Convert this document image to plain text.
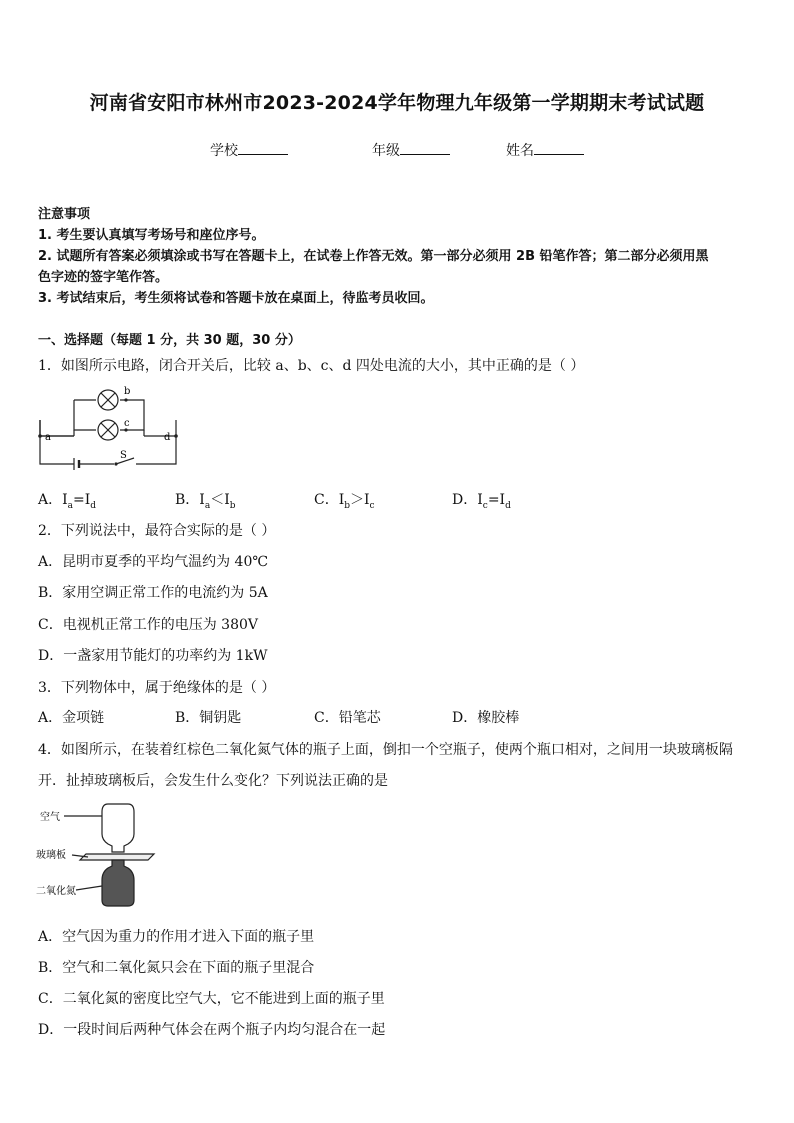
河南省安阳市林州市2023-2024学年物理九年级第一学期期末考试试题
学校	年级	姓名
注意事项
1. 考生要认真填写考场号和座位序号。
2. 试题所有答案必须填涂或书写在答题卡上，在试卷上作答无效。第一部分必须用 2B 铅笔作答；第二部分必须用黑
色字迹的签字笔作答。
3. 考试结束后，考生须将试卷和答题卡放在桌面上，待监考员收回。
一、选择题（每题 1 分，共 30 题，30 分）
1．如图所示电路，闭合开关后，比较 a、b、c、d 四处电流的大小，其中正确的是（ ）
a
b
c
d
S
A．$I_a=I_d$	B．$I_a<I_b$	C．$I_b>I_c$	D．$I_c=I_d$
2．下列说法中，最符合实际的是（ ）
A．昆明市夏季的平均气温约为 40℃
B．家用空调正常工作的电流约为 5A
C．电视机正常工作的电压为 380V
D．一盏家用节能灯的功率约为 1kW
3．下列物体中，属于绝缘体的是（ ）
A．金项链	B．铜钥匙	C．铅笔芯	D．橡胶棒
4．如图所示，在装着红棕色二氧化氮气体的瓶子上面，倒扣一个空瓶子，使两个瓶口相对，之间用一块玻璃板隔
开．扯掉玻璃板后，会发生什么变化？下列说法正确的是
空气
玻璃板
二氧化氮
A．空气因为重力的作用才进入下面的瓶子里
B．空气和二氧化氮只会在下面的瓶子里混合
C．二氧化氮的密度比空气大，它不能进到上面的瓶子里
D．一段时间后两种气体会在两个瓶子内均匀混合在一起
